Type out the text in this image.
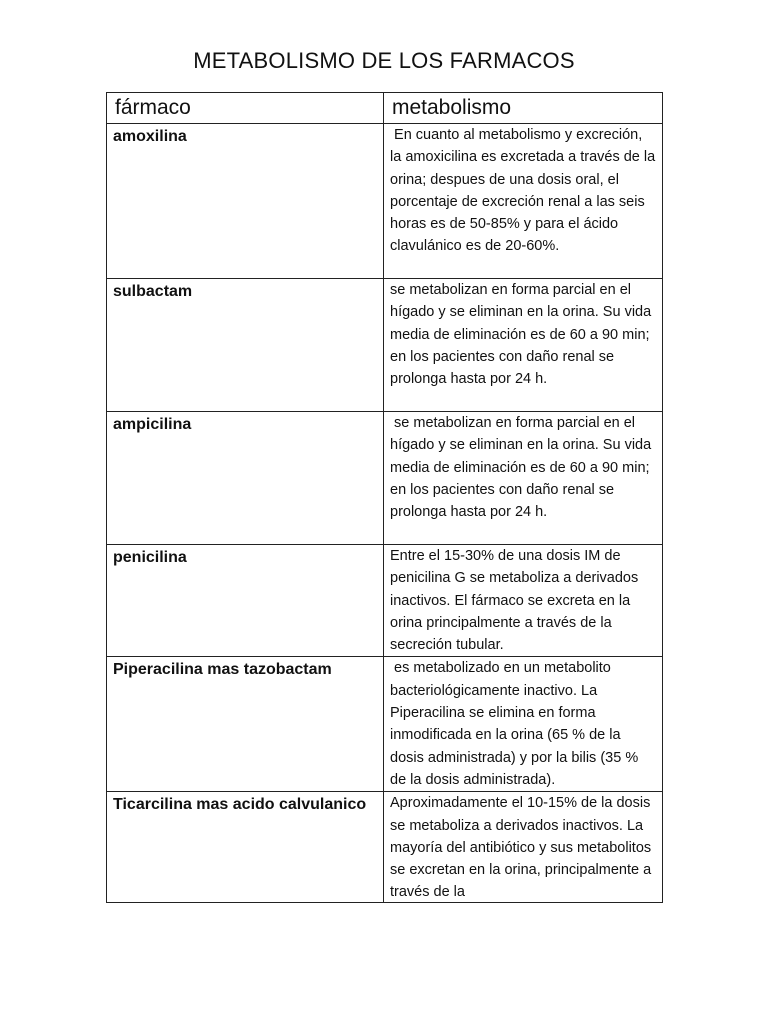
METABOLISMO DE LOS FARMACOS
fármaco	metabolismo
amoxilina	En cuanto al metabolismo y excreción, la amoxicilina es excretada a través de la orina; despues de una dosis oral, el porcentaje de excreción renal a las seis horas es de 50-85% y para el ácido clavulánico es de 20-60%.
sulbactam	se metabolizan en forma parcial en el hígado y se eliminan en la orina. Su vida media de eliminación es de 60 a 90 min; en los pacientes con daño renal se prolonga hasta por 24 h.
ampicilina	se metabolizan en forma parcial en el hígado y se eliminan en la orina. Su vida media de eliminación es de 60 a 90 min; en los pacientes con daño renal se prolonga hasta por 24 h.
penicilina	Entre el 15-30% de una dosis IM de penicilina G se metaboliza a derivados inactivos. El fármaco se excreta en la orina principalmente a través de la secreción tubular.
Piperacilina mas tazobactam	es metabolizado en un metabolito bacteriológicamente inactivo. La Piperacilina se elimina en forma inmodificada en la orina (65 % de la dosis administrada) y por la bilis (35 % de la dosis administrada).
Ticarcilina mas acido calvulanico	Aproximadamente el 10-15% de la dosis se metaboliza a derivados inactivos. La mayoría del antibiótico y sus metabolitos se excretan en la orina, principalmente a través de la
